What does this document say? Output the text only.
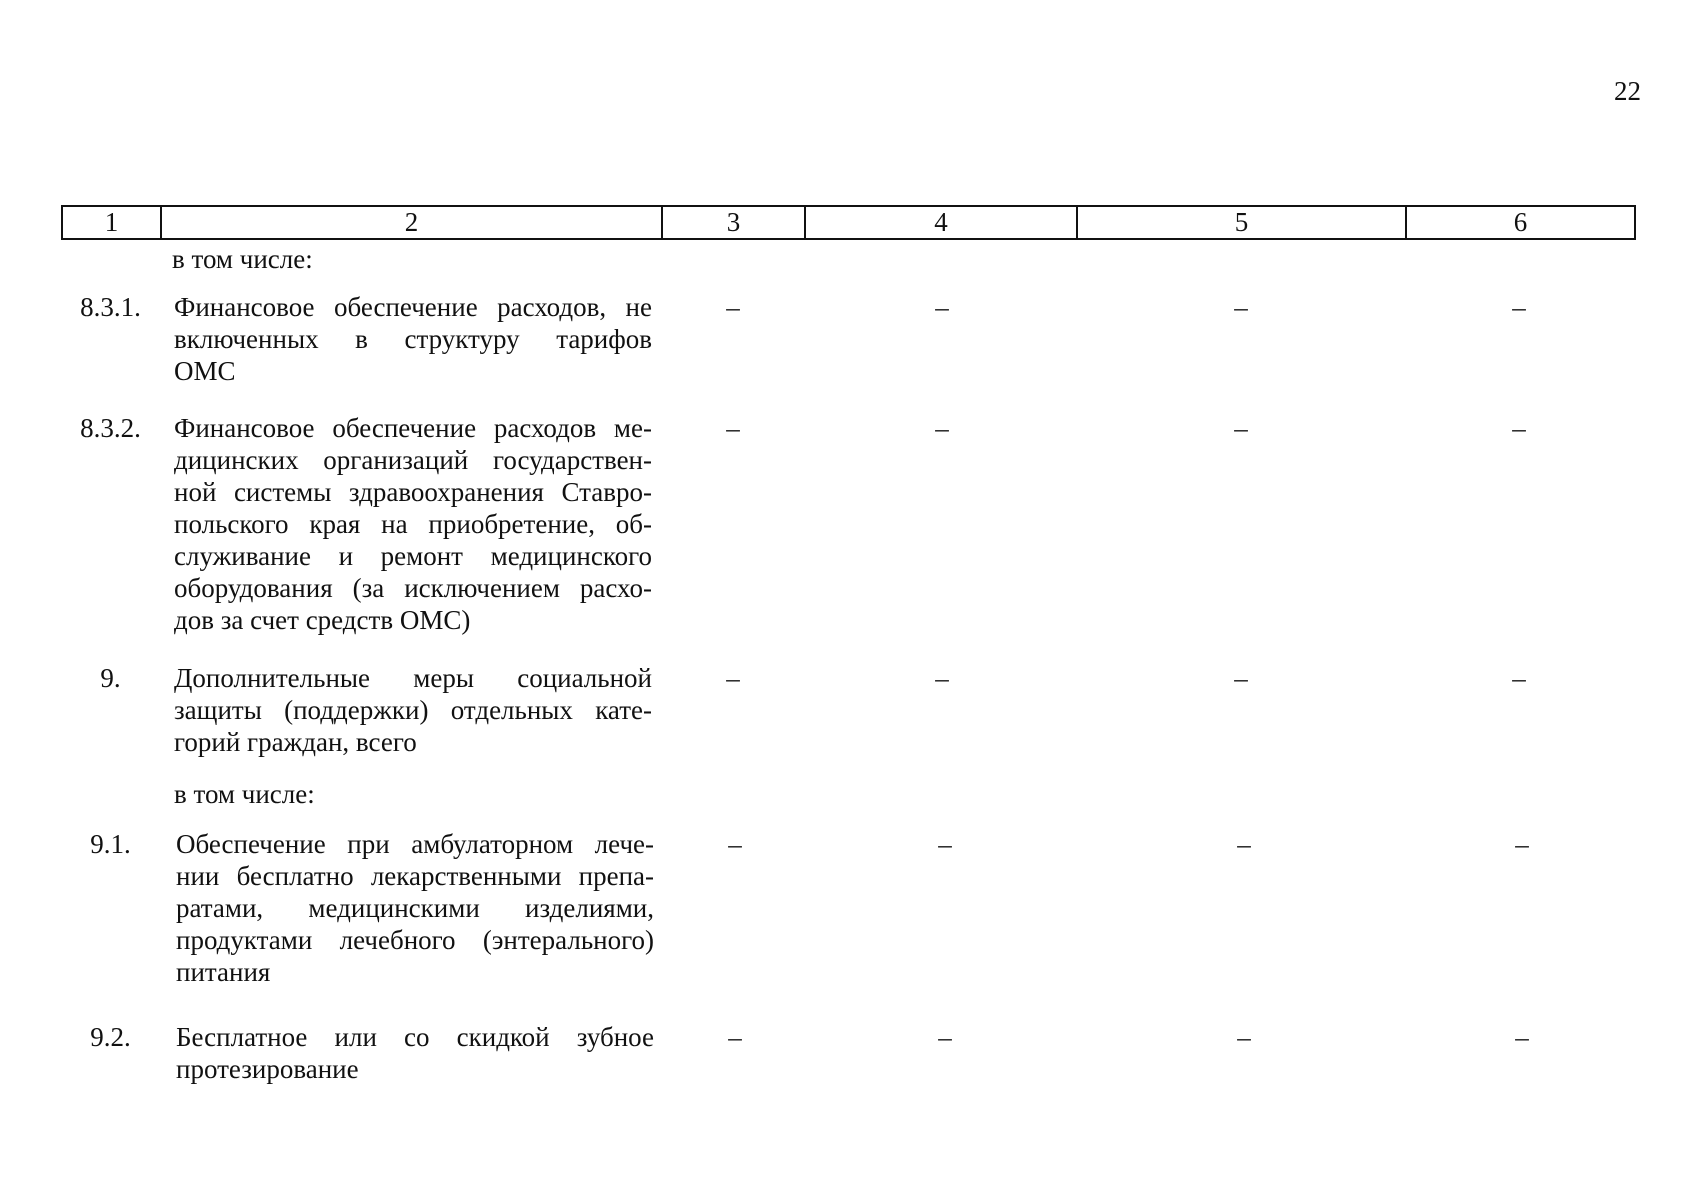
22
1	2	3	4	5	6
в том числе:
8.3.1.	Финансовое обеспечение расходов, не
включенных в структуру тарифов
ОМС
–	–	–	–
8.3.2.	Финансовое обеспечение расходов ме-
дицинских организаций государствен-
ной системы здравоохранения Ставро-
польского края на приобретение, об-
служивание и ремонт медицинского
оборудования (за исключением расхо-
дов за счет средств ОМС)
–	–	–	–
9.	Дополнительные меры социальной
защиты (поддержки) отдельных кате-
горий граждан, всего
–	–	–	–
в том числе:
9.1.	Обеспечение при амбулаторном лече-
нии бесплатно лекарственными препа-
ратами, медицинскими изделиями,
продуктами лечебного (энтерального)
питания
–	–	–	–
9.2.	Бесплатное или со скидкой зубное
протезирование
–	–	–	–
